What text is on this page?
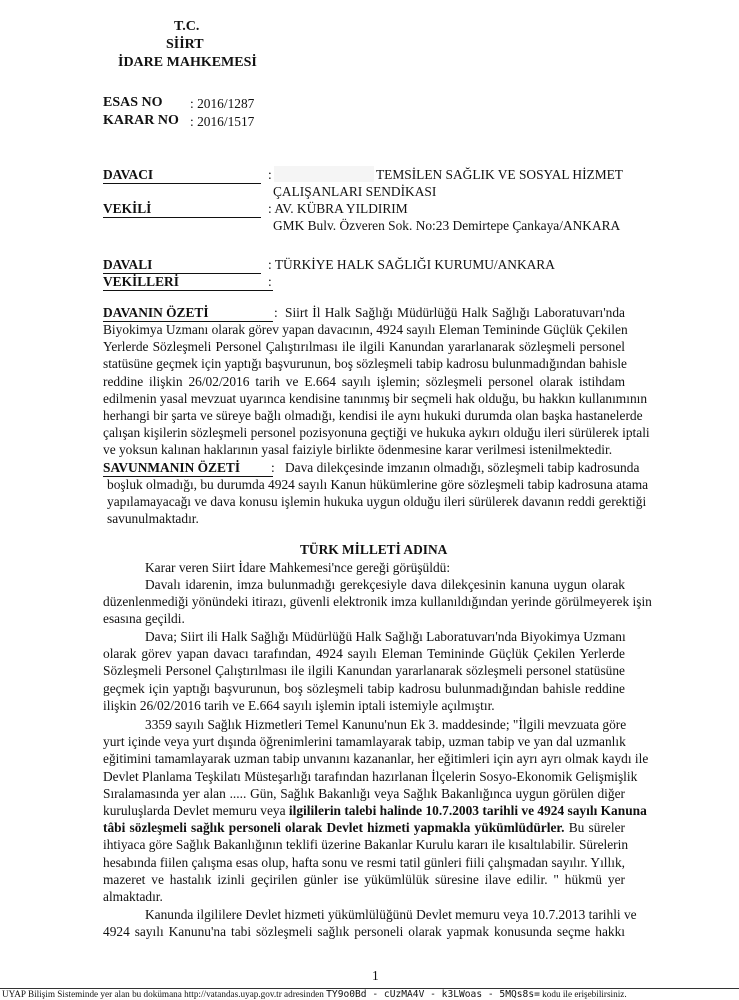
T.C.
SİİRT
İDARE MAHKEMESİ
ESAS NO : 2016/1287
KARAR NO : 2016/1517
DAVACI	:	TEMSİLEN SAĞLIK VE SOSYAL HİZMET
ÇALIŞANLARI SENDİKASI
VEKİLİ	: AV. KÜBRA YILDIRIM
GMK Bulv. Özveren Sok. No:23 Demirtepe Çankaya/ANKARA
DAVALI	: TÜRKİYE HALK SAĞLIĞI KURUMU/ANKARA
VEKİLLERİ	:
DAVANIN ÖZETİ	: Siirt İl Halk Sağlığı Müdürlüğü Halk Sağlığı Laboratuvarı'nda
Biyokimya Uzmanı olarak görev yapan davacının, 4924 sayılı Eleman Temininde Güçlük Çekilen
Yerlerde Sözleşmeli Personel Çalıştırılması ile ilgili Kanundan yararlanarak sözleşmeli personel
statüsüne geçmek için yaptığı başvurunun, boş sözleşmeli tabip kadrosu bulunmadığından bahisle
reddine ilişkin 26/02/2016 tarih ve E.664 sayılı işlemin; sözleşmeli personel olarak istihdam
edilmenin yasal mevzuat uyarınca kendisine tanınmış bir seçmeli hak olduğu, bu hakkın kullanımının
herhangi bir şarta ve süreye bağlı olmadığı, kendisi ile aynı hukuki durumda olan başka hastanelerde
çalışan kişilerin sözleşmeli personel pozisyonuna geçtiği ve hukuka aykırı olduğu ileri sürülerek iptali
ve yoksun kalınan haklarının yasal faiziyle birlikte ödenmesine karar verilmesi istenilmektedir.
SAVUNMANIN ÖZETİ : Dava dilekçesinde imzanın olmadığı, sözleşmeli tabip kadrosunda
boşluk olmadığı, bu durumda 4924 sayılı Kanun hükümlerine göre sözleşmeli tabip kadrosuna atama
yapılamayacağı ve dava konusu işlemin hukuka uygun olduğu ileri sürülerek davanın reddi gerektiği
savunulmaktadır.
TÜRK MİLLETİ ADINA
Karar veren Siirt İdare Mahkemesi'nce gereği görüşüldü:
Davalı idarenin, imza bulunmadığı gerekçesiyle dava dilekçesinin kanuna uygun olarak
düzenlenmediği yönündeki itirazı, güvenli elektronik imza kullanıldığından yerinde görülmeyerek işin
esasına geçildi.
Dava; Siirt ili Halk Sağlığı Müdürlüğü Halk Sağlığı Laboratuvarı'nda Biyokimya Uzmanı
olarak görev yapan davacı tarafından, 4924 sayılı Eleman Temininde Güçlük Çekilen Yerlerde
Sözleşmeli Personel Çalıştırılması ile ilgili Kanundan yararlanarak sözleşmeli personel statüsüne
geçmek için yaptığı başvurunun, boş sözleşmeli tabip kadrosu bulunmadığından bahisle reddine
ilişkin 26/02/2016 tarih ve E.664 sayılı işlemin iptali istemiyle açılmıştır.
3359 sayılı Sağlık Hizmetleri Temel Kanunu'nun Ek 3. maddesinde; "İlgili mevzuata göre
yurt içinde veya yurt dışında öğrenimlerini tamamlayarak tabip, uzman tabip ve yan dal uzmanlık
eğitimini tamamlayarak uzman tabip unvanını kazananlar, her eğitimleri için ayrı ayrı olmak kaydı ile
Devlet Planlama Teşkilatı Müsteşarlığı tarafından hazırlanan İlçelerin Sosyo-Ekonomik Gelişmişlik
Sıralamasında yer alan ..... Gün, Sağlık Bakanlığı veya Sağlık Bakanlığınca uygun görülen diğer
kuruluşlarda Devlet memuru veya ilgililerin talebi halinde 10.7.2003 tarihli ve 4924 sayılı Kanuna
tâbi sözleşmeli sağlık personeli olarak Devlet hizmeti yapmakla yükümlüdürler. Bu süreler
ihtiyaca göre Sağlık Bakanlığının teklifi üzerine Bakanlar Kurulu kararı ile kısaltılabilir. Sürelerin
hesabında fiilen çalışma esas olup, hafta sonu ve resmi tatil günleri fiili çalışmadan sayılır. Yıllık,
mazeret ve hastalık izinli geçirilen günler ise yükümlülük süresine ilave edilir. " hükmü yer
almaktadır.
Kanunda ilgililere Devlet hizmeti yükümlülüğünü Devlet memuru veya 10.7.2013 tarihli ve
4924 sayılı Kanunu'na tabi sözleşmeli sağlık personeli olarak yapmak konusunda seçme hakkı
1
UYAP Bilişim Sisteminde yer alan bu dokümana http://vatandas.uyap.gov.tr adresinden TY9o0Bd - cUzMA4V - k3LWoas - 5MQs8s= kodu ile erişebilirsiniz.
